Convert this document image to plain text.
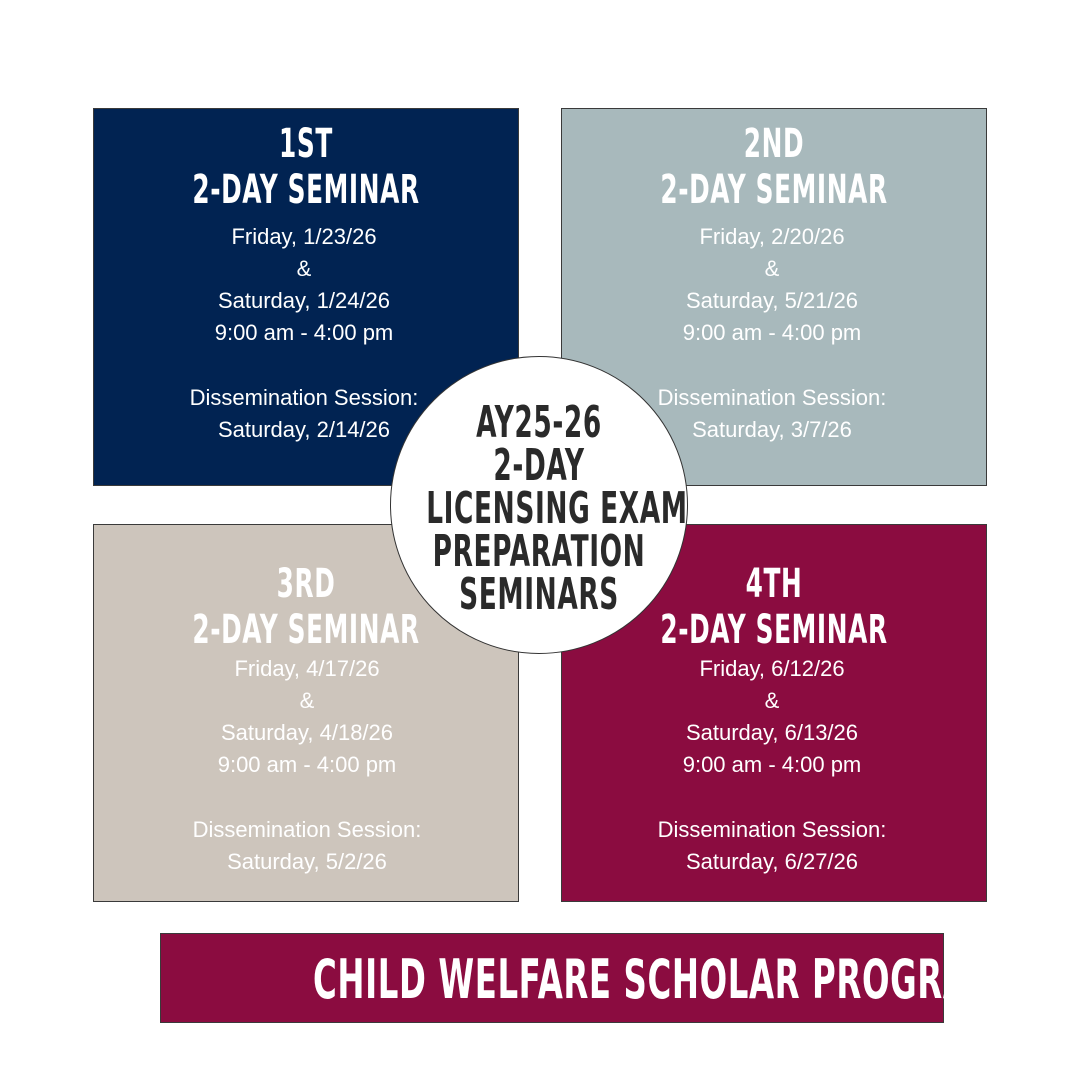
1ST
2-DAY SEMINAR
Friday, 1/23/26
&
Saturday, 1/24/26
9:00 am - 4:00 pm
Dissemination Session:
Saturday, 2/14/26
2ND
2-DAY SEMINAR
Friday, 2/20/26
&
Saturday, 5/21/26
9:00 am - 4:00 pm
Dissemination Session:
Saturday, 3/7/26
3RD
2-DAY SEMINAR
Friday, 4/17/26
&
Saturday, 4/18/26
9:00 am - 4:00 pm
Dissemination Session:
Saturday, 5/2/26
4TH
2-DAY SEMINAR
Friday, 6/12/26
&
Saturday, 6/13/26
9:00 am - 4:00 pm
Dissemination Session:
Saturday, 6/27/26
AY25-26
2-DAY
LICENSING EXAM
PREPARATION
SEMINARS
CHILD WELFARE SCHOLAR PROGRAM
